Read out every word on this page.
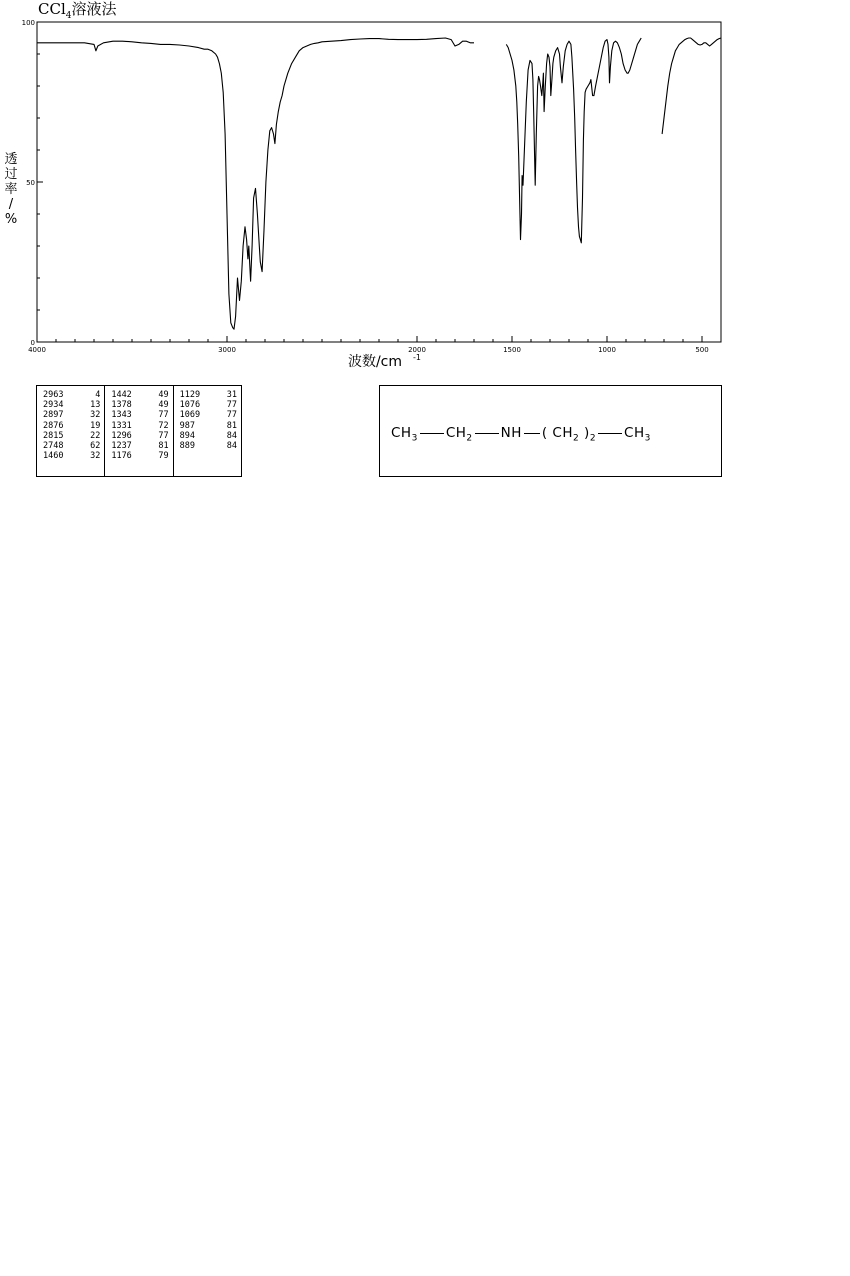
CCl$_4$溶液法
4000	3000	2000	1500	1000	500
0
50
100
波数/cm -1
透
过
率
/
%
2963	4
2934	13
2897	32
2876	19
2815	22
2748	62
1460	32
1442	49
1378	49
1343	77
1331	72
1296	77
1237	81
1176	79
1129	31
1076	77
1069	77
987	81
894	84
889	84
$CH_3$ $CH_2$ NH ( $CH_2$ )$_2$ $CH_3$
